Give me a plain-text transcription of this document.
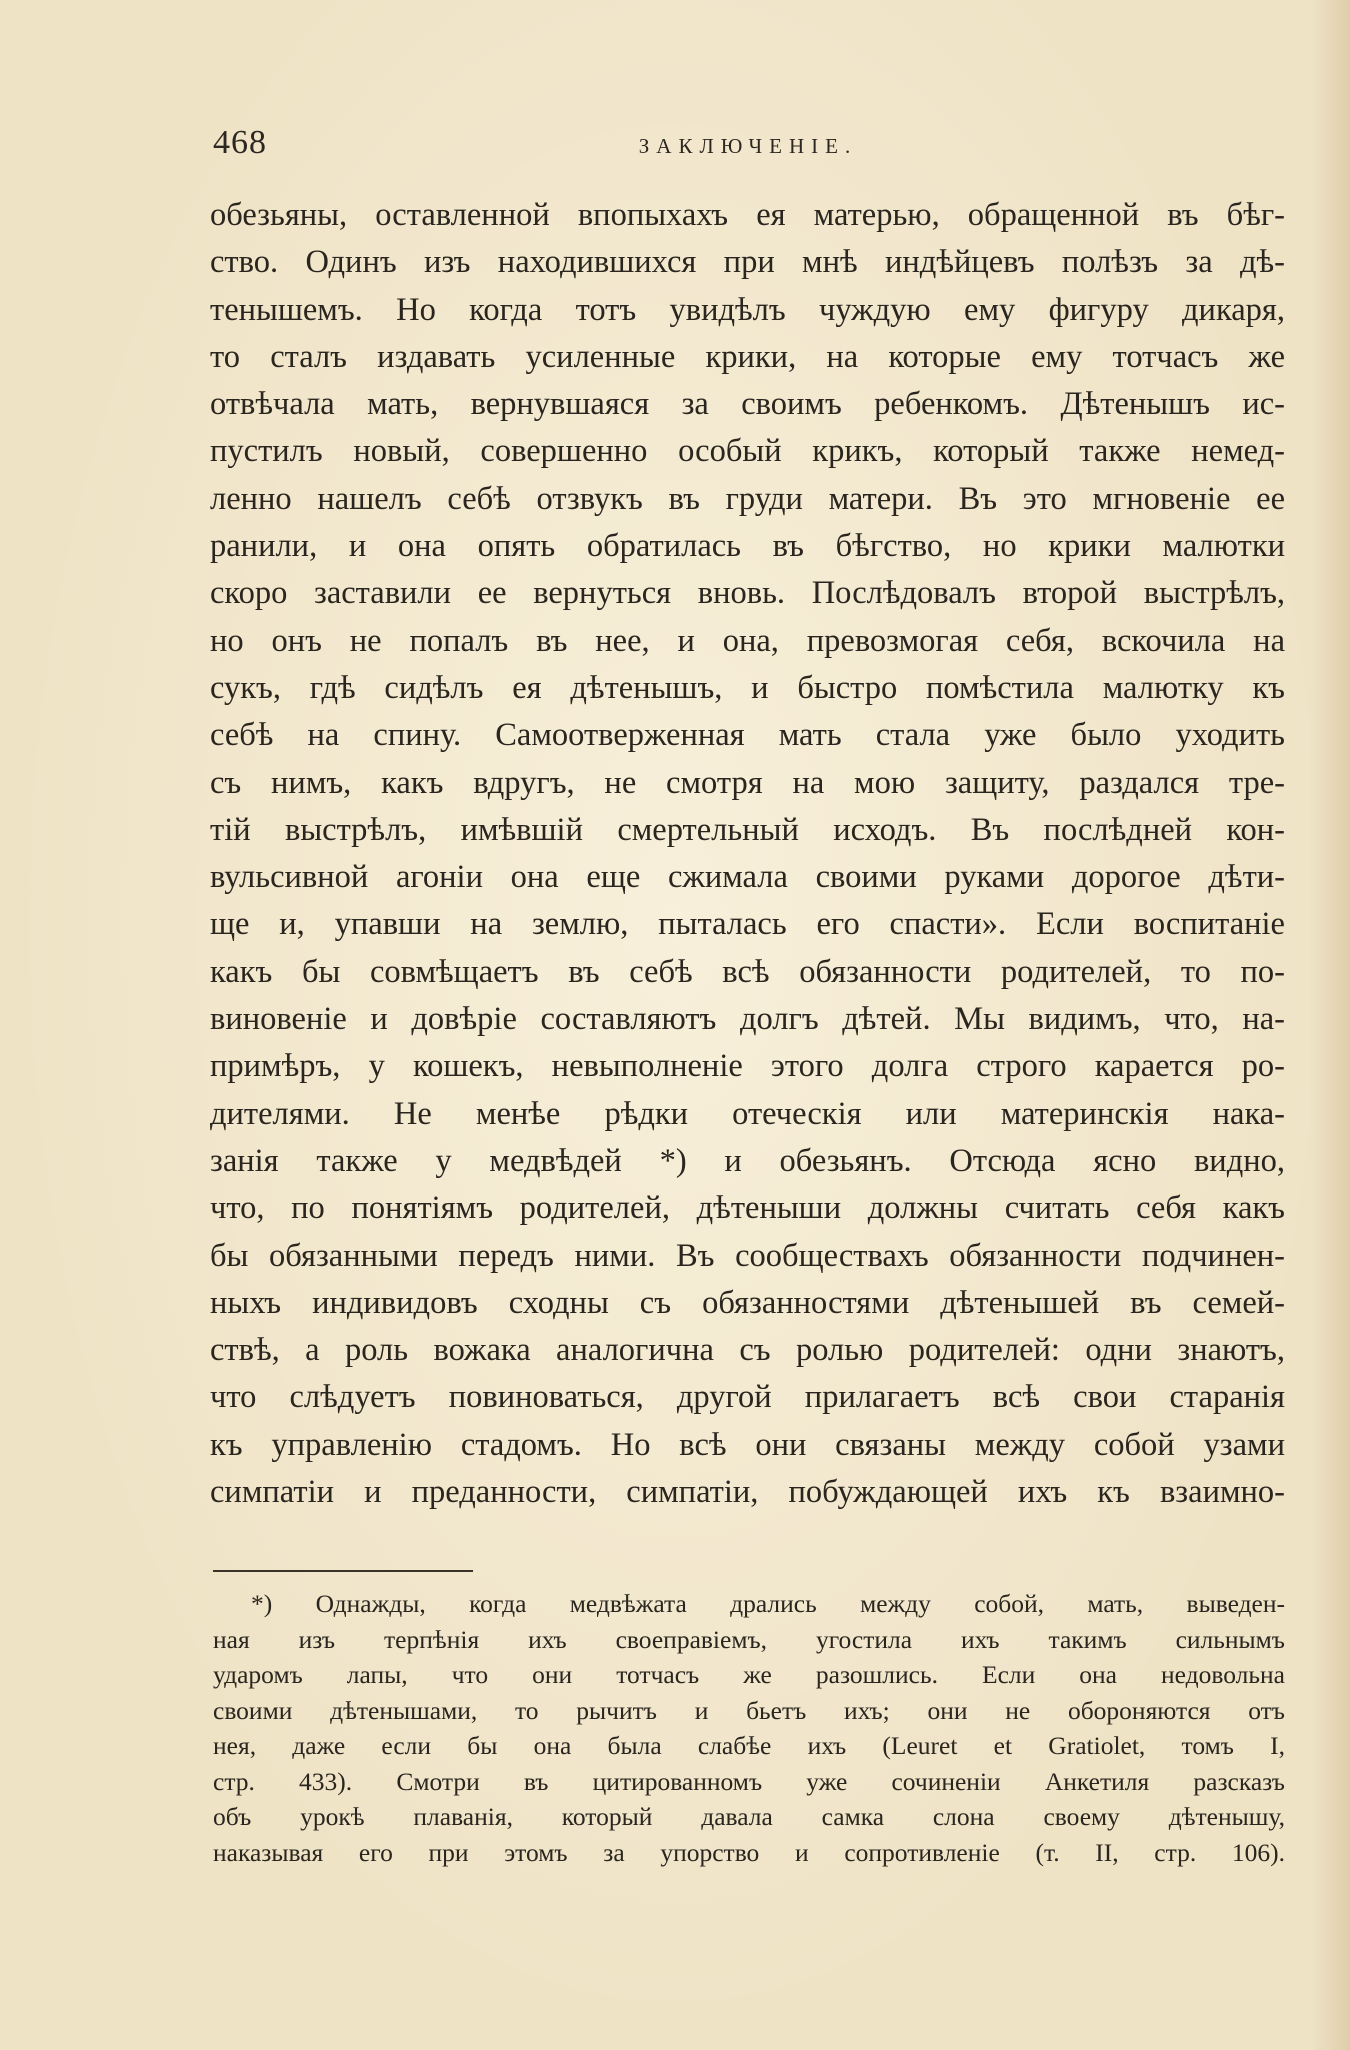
468	ЗАКЛЮЧЕНІЕ.
обезьяны, оставленной впопыхахъ ея матерью, обращенной въ бѣг-
ство. Одинъ изъ находившихся при мнѣ индѣйцевъ полѣзъ за дѣ-
тенышемъ. Но когда тотъ увидѣлъ чуждую ему фигуру дикаря,
то сталъ издавать усиленные крики, на которые ему тотчасъ же
отвѣчала мать, вернувшаяся за своимъ ребенкомъ. Дѣтенышъ ис-
пустилъ новый, совершенно особый крикъ, который также немед-
ленно нашелъ себѣ отзвукъ въ груди матери. Въ это мгновеніе ее
ранили, и она опять обратилась въ бѣгство, но крики малютки
скоро заставили ее вернуться вновь. Послѣдовалъ второй выстрѣлъ,
но онъ не попалъ въ нее, и она, превозмогая себя, вскочила на
сукъ, гдѣ сидѣлъ ея дѣтенышъ, и быстро помѣстила малютку къ
себѣ на спину. Самоотверженная мать стала уже было уходить
съ нимъ, какъ вдругъ, не смотря на мою защиту, раздался тре-
тій выстрѣлъ, имѣвшій смертельный исходъ. Въ послѣдней кон-
вульсивной агоніи она еще сжимала своими руками дорогое дѣти-
ще и, упавши на землю, пыталась его спасти». Если воспитаніе
какъ бы совмѣщаетъ въ себѣ всѣ обязанности родителей, то по-
виновеніе и довѣріе составляютъ долгъ дѣтей. Мы видимъ, что, на-
примѣръ, у кошекъ, невыполненіе этого долга строго карается ро-
дителями. Не менѣе рѣдки отеческія или материнскія нака-
занія также у медвѣдей *) и обезьянъ. Отсюда ясно видно,
что, по понятіямъ родителей, дѣтеныши должны считать себя какъ
бы обязанными передъ ними. Въ сообществахъ обязанности подчинен-
ныхъ индивидовъ сходны съ обязанностями дѣтенышей въ семей-
ствѣ, а роль вожака аналогична съ ролью родителей: одни знаютъ,
что слѣдуетъ повиноваться, другой прилагаетъ всѣ свои старанія
къ управленію стадомъ. Но всѣ они связаны между собой узами
симпатіи и преданности, симпатіи, побуждающей ихъ къ взаимно-
*) Однажды, когда медвѣжата дрались между собой, мать, выведен-
ная изъ терпѣнія ихъ своеправіемъ, угостила ихъ такимъ сильнымъ
ударомъ лапы, что они тотчасъ же разошлись. Если она недовольна
своими дѣтенышами, то рычитъ и бьетъ ихъ; они не обороняются отъ
нея, даже если бы она была слабѣе ихъ (Leuret et Gratiolet, томъ I,
стр. 433). Смотри въ цитированномъ уже сочиненіи Анкетиля разсказъ
объ урокѣ плаванія, который давала самка слона своему дѣтенышу,
наказывая его при этомъ за упорство и сопротивленіе (т. II, стр. 106).
